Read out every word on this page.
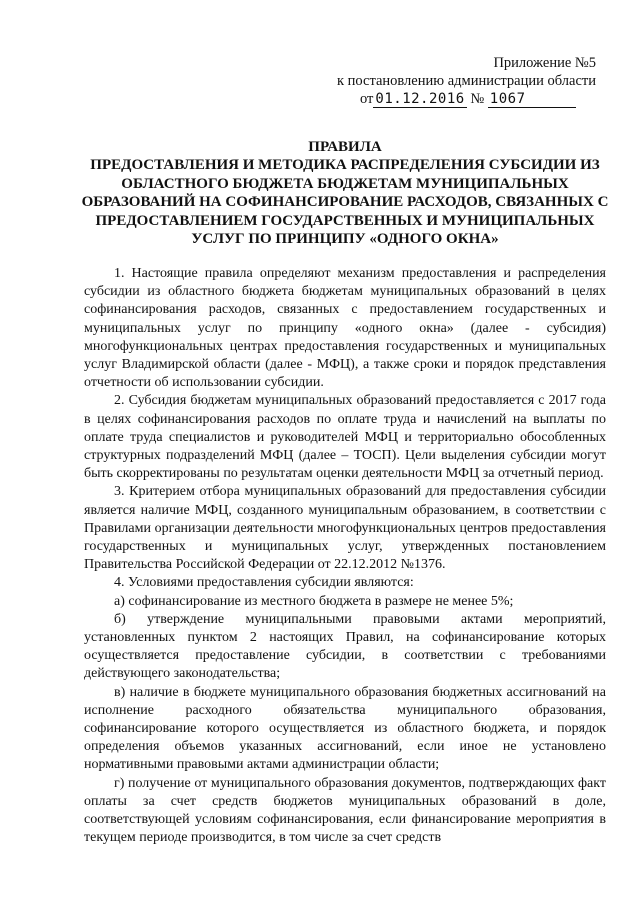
Приложение №5
к постановлению администрации области
от 01.12.2016 № 1067
ПРАВИЛА
ПРЕДОСТАВЛЕНИЯ И МЕТОДИКА РАСПРЕДЕЛЕНИЯ СУБСИДИИ ИЗ ОБЛАСТНОГО БЮДЖЕТА БЮДЖЕТАМ МУНИЦИПАЛЬНЫХ ОБРАЗОВАНИЙ НА СОФИНАНСИРОВАНИЕ РАСХОДОВ, СВЯЗАННЫХ С ПРЕДОСТАВЛЕНИЕМ ГОСУДАРСТВЕННЫХ И МУНИЦИПАЛЬНЫХ УСЛУГ ПО ПРИНЦИПУ «ОДНОГО ОКНА»

1. Настоящие правила определяют механизм предоставления и распределения субсидии из областного бюджета бюджетам муниципальных образований в целях софинансирования расходов, связанных с предоставлением государственных и муниципальных услуг по принципу «одного окна» (далее - субсидия) многофункциональных центрах предоставления государственных и муниципальных услуг Владимирской области (далее - МФЦ), а также сроки и порядок представления отчетности об использовании субсидии.

2. Субсидия бюджетам муниципальных образований предоставляется с 2017 года в целях софинансирования расходов по оплате труда и начислений на выплаты по оплате труда специалистов и руководителей МФЦ и территориально обособленных структурных подразделений МФЦ (далее – ТОСП). Цели выделения субсидии могут быть скорректированы по результатам оценки деятельности МФЦ за отчетный период.

3. Критерием отбора муниципальных образований для предоставления субсидии является наличие МФЦ, созданного муниципальным образованием, в соответствии с Правилами организации деятельности многофункциональных центров предоставления государственных и муниципальных услуг, утвержденных постановлением Правительства Российской Федерации от 22.12.2012 №1376.

4. Условиями предоставления субсидии являются:

а) софинансирование из местного бюджета в размере не менее 5%;

б) утверждение муниципальными правовыми актами мероприятий, установленных пунктом 2 настоящих Правил, на софинансирование которых осуществляется предоставление субсидии, в соответствии с требованиями действующего законодательства;

в) наличие в бюджете муниципального образования бюджетных ассигнований на исполнение расходного обязательства муниципального образования, софинансирование которого осуществляется из областного бюджета, и порядок определения объемов указанных ассигнований, если иное не установлено нормативными правовыми актами администрации области;

г) получение от муниципального образования документов, подтверждающих факт оплаты за счет средств бюджетов муниципальных образований в доле, соответствующей условиям софинансирования, если финансирование мероприятия в текущем периоде производится, в том числе за счет средств
